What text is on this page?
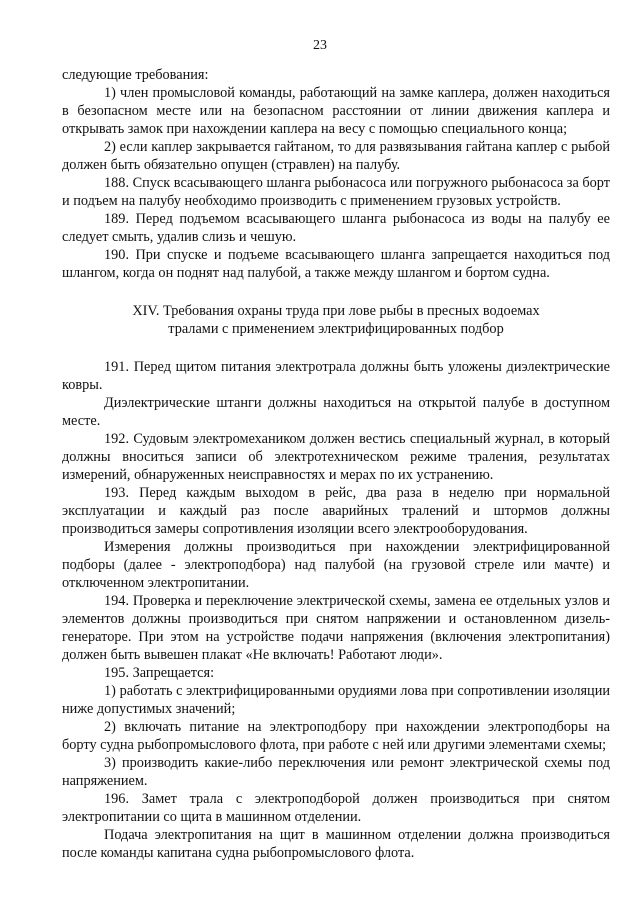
23

следующие требования:

1) член промысловой команды, работающий на замке каплера, должен находиться в безопасном месте или на безопасном расстоянии от линии движения каплера и открывать замок при нахождении каплера на весу с помощью специального конца;

2) если каплер закрывается гайтаном, то для развязывания гайтана каплер с рыбой должен быть обязательно опущен (стравлен) на палубу.

188. Спуск всасывающего шланга рыбонасоса или погружного рыбонасоса за борт и подъем на палубу необходимо производить с применением грузовых устройств.

189. Перед подъемом всасывающего шланга рыбонасоса из воды на палубу ее следует смыть, удалив слизь и чешую.

190. При спуске и подъеме всасывающего шланга запрещается находиться под шлангом, когда он поднят над палубой, а также между шлангом и бортом судна.

XIV. Требования охраны труда при лове рыбы в пресных водоемах
тралами с применением электрифицированных подбор

191. Перед щитом питания электротрала должны быть уложены диэлектрические ковры.

Диэлектрические штанги должны находиться на открытой палубе в доступном месте.

192. Судовым электромехаником должен вестись специальный журнал, в который должны вноситься записи об электротехническом режиме траления, результатах измерений, обнаруженных неисправностях и мерах по их устранению.

193. Перед каждым выходом в рейс, два раза в неделю при нормальной эксплуатации и каждый раз после аварийных тралений и штормов должны производиться замеры сопротивления изоляции всего электрооборудования.

Измерения должны производиться при нахождении электрифицированной подборы (далее - электроподбора) над палубой (на грузовой стреле или мачте) и отключенном электропитании.

194. Проверка и переключение электрической схемы, замена ее отдельных узлов и элементов должны производиться при снятом напряжении и остановленном дизель-генераторе. При этом на устройстве подачи напряжения (включения электропитания) должен быть вывешен плакат «Не включать! Работают люди».

195. Запрещается:

1) работать с электрифицированными орудиями лова при сопротивлении изоляции ниже допустимых значений;

2) включать питание на электроподбору при нахождении электроподборы на борту судна рыбопромыслового флота, при работе с ней или другими элементами схемы;

3) производить какие-либо переключения или ремонт электрической схемы под напряжением.

196. Замет трала с электроподборой должен производиться при снятом электропитании со щита в машинном отделении.

Подача электропитания на щит в машинном отделении должна производиться после команды капитана судна рыбопромыслового флота.
